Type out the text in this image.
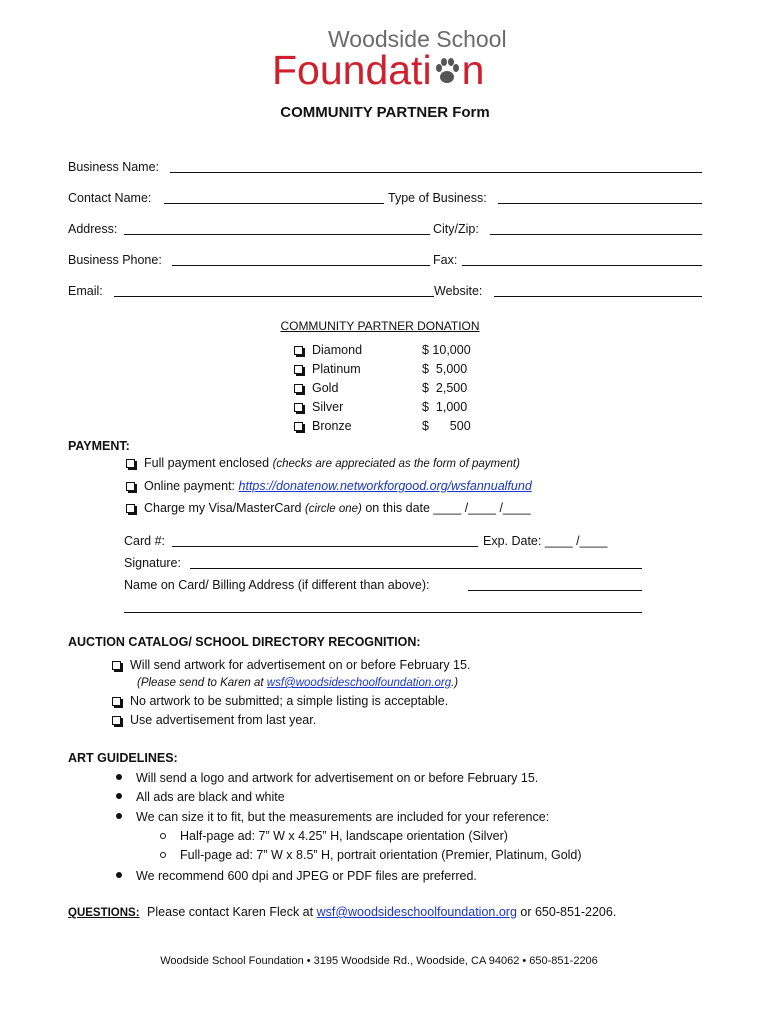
Woodside School
Foundati n
COMMUNITY PARTNER Form
Business Name:
Contact Name:	Type of Business:
Address:	City/Zip:
Business Phone:	Fax:
Email:	Website:
COMMUNITY PARTNER DONATION
Diamond	$ 10,000
Platinum	$  5,000
Gold	$  2,500
Silver	$  1,000
Bronze	$      500
PAYMENT:
Full payment enclosed (checks are appreciated as the form of payment)
Online payment: https://donatenow.networkforgood.org/wsfannualfund
Charge my Visa/MasterCard (circle one) on this date ____ /____ /____
Card #:	Exp. Date: ____ /____
Signature:
Name on Card/ Billing Address (if different than above):
AUCTION CATALOG/ SCHOOL DIRECTORY RECOGNITION:
Will send artwork for advertisement on or before February 15.
(Please send to Karen at wsf@woodsideschoolfoundation.org.)
No artwork to be submitted; a simple listing is acceptable.
Use advertisement from last year.
ART GUIDELINES:
Will send a logo and artwork for advertisement on or before February 15.
All ads are black and white
We can size it to fit, but the measurements are included for your reference:
Half-page ad: 7” W x 4.25” H, landscape orientation (Silver)
Full-page ad: 7” W x 8.5” H, portrait orientation (Premier, Platinum, Gold)
We recommend 600 dpi and JPEG or PDF files are preferred.
QUESTIONS: Please contact Karen Fleck at wsf@woodsideschoolfoundation.org or 650-851-2206.
Woodside School Foundation • 3195 Woodside Rd., Woodside, CA 94062 • 650-851-2206
